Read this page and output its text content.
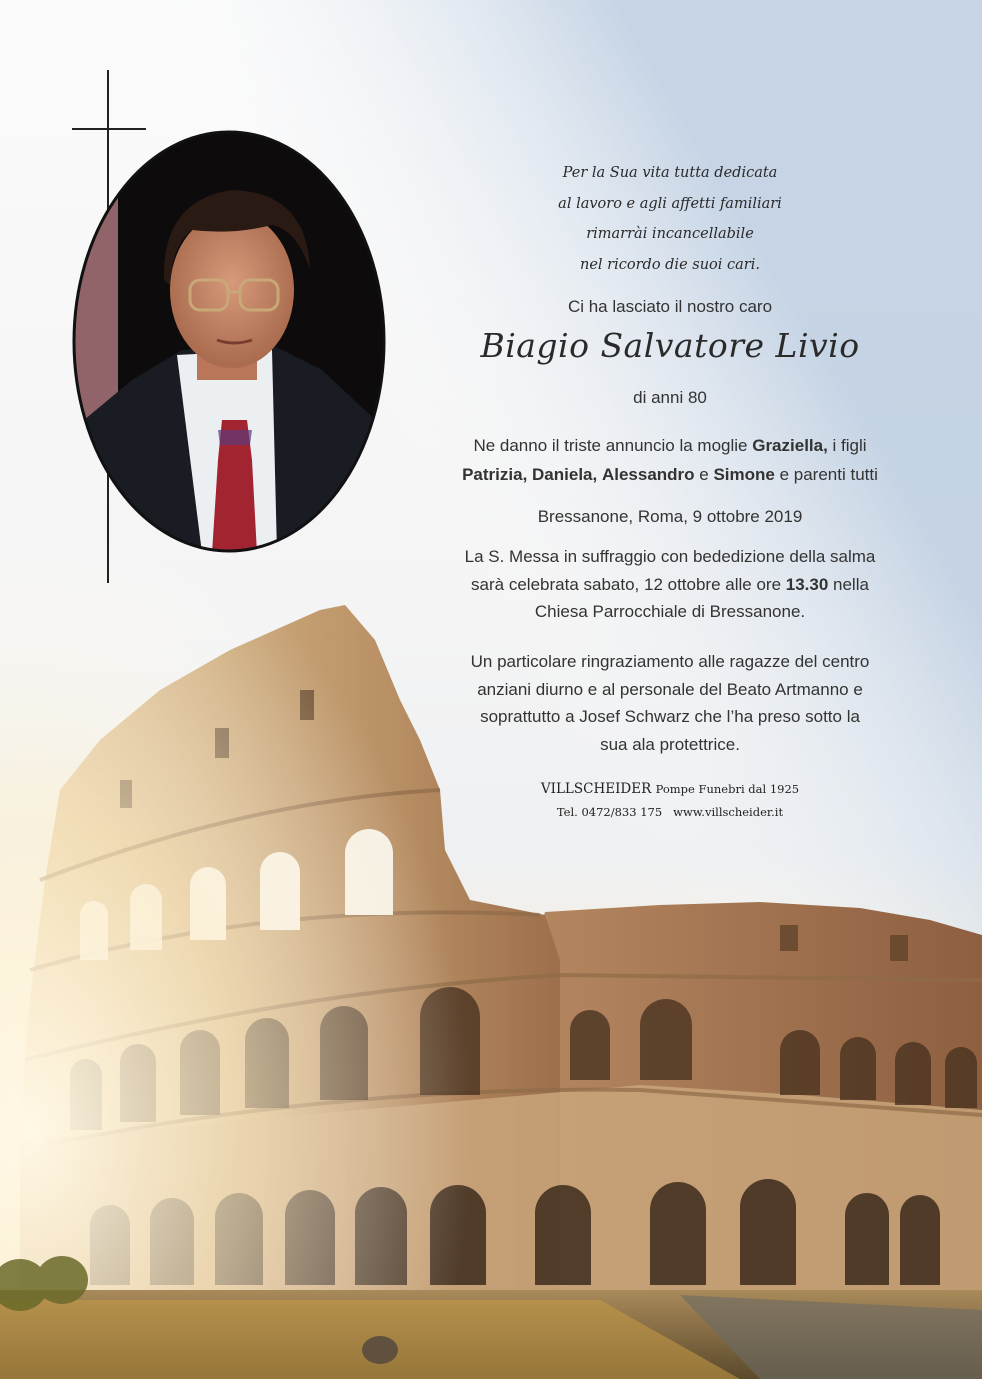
Per la Sua vita tutta dedicata
al lavoro e agli affetti familiari
rimarrài incancellabile
nel ricordo die suoi cari.
Ci ha lasciato il nostro caro
Biagio Salvatore Livio
di anni 80
Ne danno il triste annuncio la moglie Graziella, i figli
Patrizia, Daniela, Alessandro e Simone e parenti tutti
Bressanone, Roma, 9 ottobre 2019
La S. Messa in suffraggio con bededizione della salma
sarà celebrata sabato, 12 ottobre alle ore 13.30 nella
Chiesa Parrocchiale di Bressanone.
Un particolare ringraziamento alle ragazze del centro
anziani diurno e al personale del Beato Artmanno e
soprattutto a Josef Schwarz che l’ha preso sotto la
sua ala protettrice.
VILLSCHEIDER Pompe Funebri dal 1925
Tel. 0472/833 175 www.villscheider.it
